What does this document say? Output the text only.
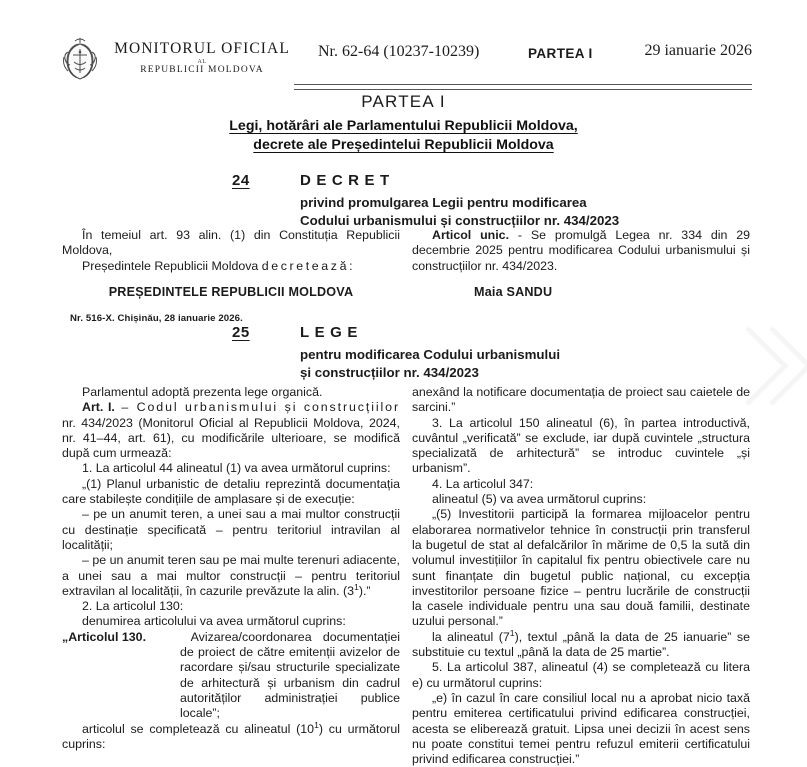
MONITORUL OFICIAL
AL
REPUBLICII MOLDOVA
Nr. 62-64 (10237-10239)	PARTEA I	29 ianuarie 2026
PARTEA I
Legi, hotărâri ale Parlamentului Republicii Moldova,
decrete ale Președintelui Republicii Moldova
24	DECRET
privind promulgarea Legii pentru modificarea
Codului urbanismului și construcțiilor nr. 434/2023

În temeiul art. 93 alin. (1) din Constituția Republicii Moldova,

Președintele Republicii Moldova decretează:

PREȘEDINTELE REPUBLICII MOLDOVA
Nr. 516-X. Chișinău, 28 ianuarie 2026.

Articol unic. - Se promulgă Legea nr. 334 din 29 decembrie 2025 pentru modificarea Codului urbanismului și construcțiilor nr. 434/2023.

Maia SANDU
25	LEGE
pentru modificarea Codului urbanismului
și construcțiilor nr. 434/2023

Parlamentul adoptă prezenta lege organică.

Art. I. – Codul urbanismului și construcțiilor nr. 434/2023 (Monitorul Oficial al Republicii Moldova, 2024, nr. 41–44, art. 61), cu modificările ulterioare, se modifică după cum urmează:

1. La articolul 44 alineatul (1) va avea următorul cuprins:

„(1) Planul urbanistic de detaliu reprezintă documentația care stabilește condițiile de amplasare și de execuție:

– pe un anumit teren, a unei sau a mai multor construcții cu destinație specificată – pentru teritoriul intravilan al localității;

– pe un anumit teren sau pe mai multe terenuri adiacente, a unei sau a mai multor construcții – pentru teritoriul extravilan al localității, în cazurile prevăzute la alin. $(3^1)$.”

2. La articolul 130:

denumirea articolului va avea următorul cuprins:

„Articolul 130.	Avizarea/coordonarea documentației de proiect de către emitenții avizelor de racordare și/sau structurile specializate de arhitectură și urbanism din cadrul autorităților administrației publice locale”;

articolul se completează cu alineatul $(10^1)$ cu următorul cuprins:

anexând la notificare documentația de proiect sau caietele de sarcini.”

3. La articolul 150 alineatul (6), în partea introductivă, cuvântul „verificată” se exclude, iar după cuvintele „structura specializată de arhitectură” se introduc cuvintele „și urbanism”.

4. La articolul 347:

alineatul (5) va avea următorul cuprins:

„(5) Investitorii participă la formarea mijloacelor pentru elaborarea normativelor tehnice în construcții prin transferul la bugetul de stat al defalcărilor în mărime de 0,5 la sută din volumul investițiilor în capitalul fix pentru obiectivele care nu sunt finanțate din bugetul public național, cu excepția investitorilor persoane fizice – pentru lucrările de construcții la casele individuale pentru una sau două familii, destinate uzului personal.”

la alineatul $(7^1)$, textul „până la data de 25 ianuarie” se substituie cu textul „până la data de 25 martie”.

5. La articolul 387, alineatul (4) se completează cu litera e) cu următorul cuprins:

„e) în cazul în care consiliul local nu a aprobat nicio taxă pentru emiterea certificatului privind edificarea construcției, acesta se eliberează gratuit. Lipsa unei decizii în acest sens nu poate constitui temei pentru refuzul emiterii certificatului privind edificarea construcției.”
